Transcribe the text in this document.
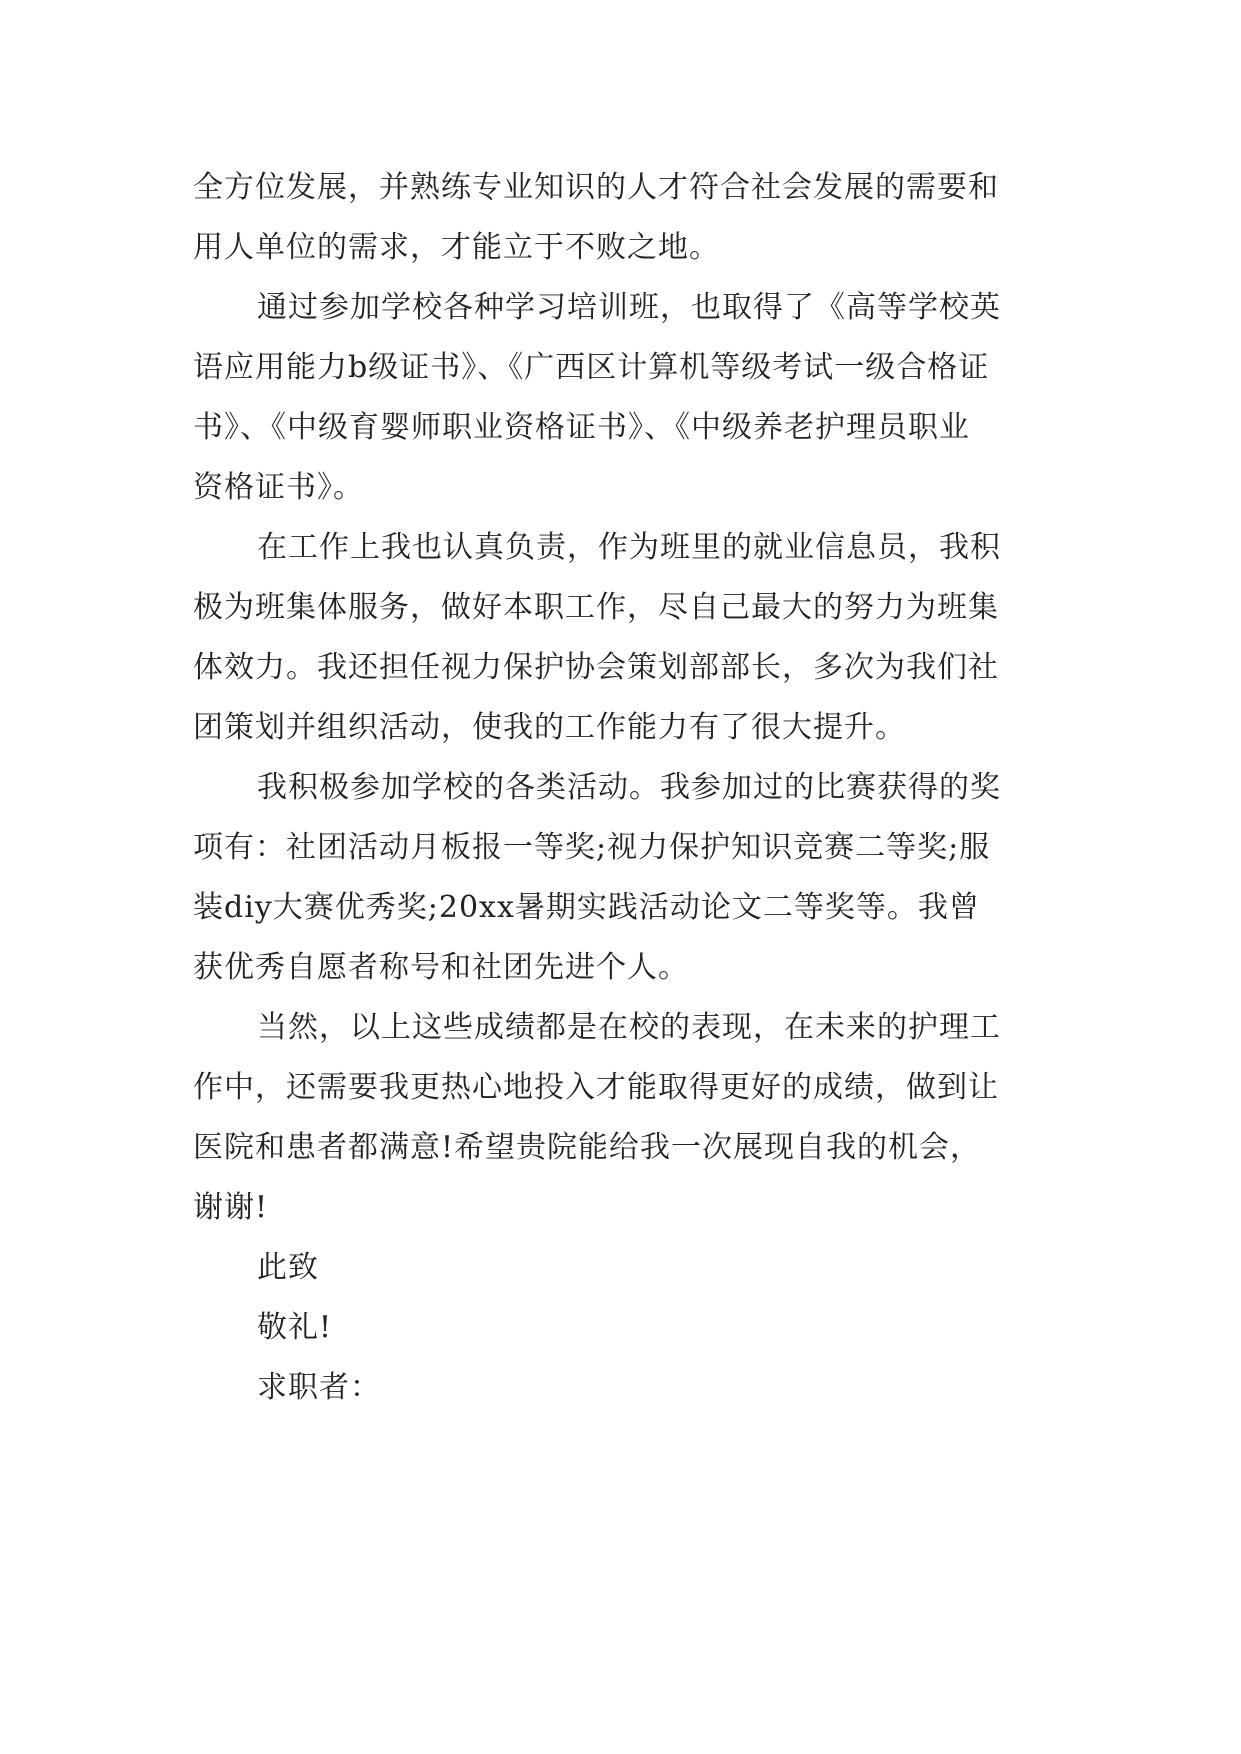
全方位发展，并熟练专业知识的人才符合社会发展的需要和
用人单位的需求，才能立于不败之地。
通过参加学校各种学习培训班，也取得了《高等学校英
语应用能力b级证书》、《广西区计算机等级考试一级合格证
书》、《中级育婴师职业资格证书》、《中级养老护理员职业
资格证书》。
在工作上我也认真负责，作为班里的就业信息员，我积
极为班集体服务，做好本职工作，尽自己最大的努力为班集
体效力。我还担任视力保护协会策划部部长，多次为我们社
团策划并组织活动，使我的工作能力有了很大提升。
我积极参加学校的各类活动。我参加过的比赛获得的奖
项有：社团活动月板报一等奖;视力保护知识竞赛二等奖;服
装diy大赛优秀奖;20xx暑期实践活动论文二等奖等。我曾
获优秀自愿者称号和社团先进个人。
当然，以上这些成绩都是在校的表现，在未来的护理工
作中，还需要我更热心地投入才能取得更好的成绩，做到让
医院和患者都满意!希望贵院能给我一次展现自我的机会，
谢谢!
此致
敬礼!
求职者：
